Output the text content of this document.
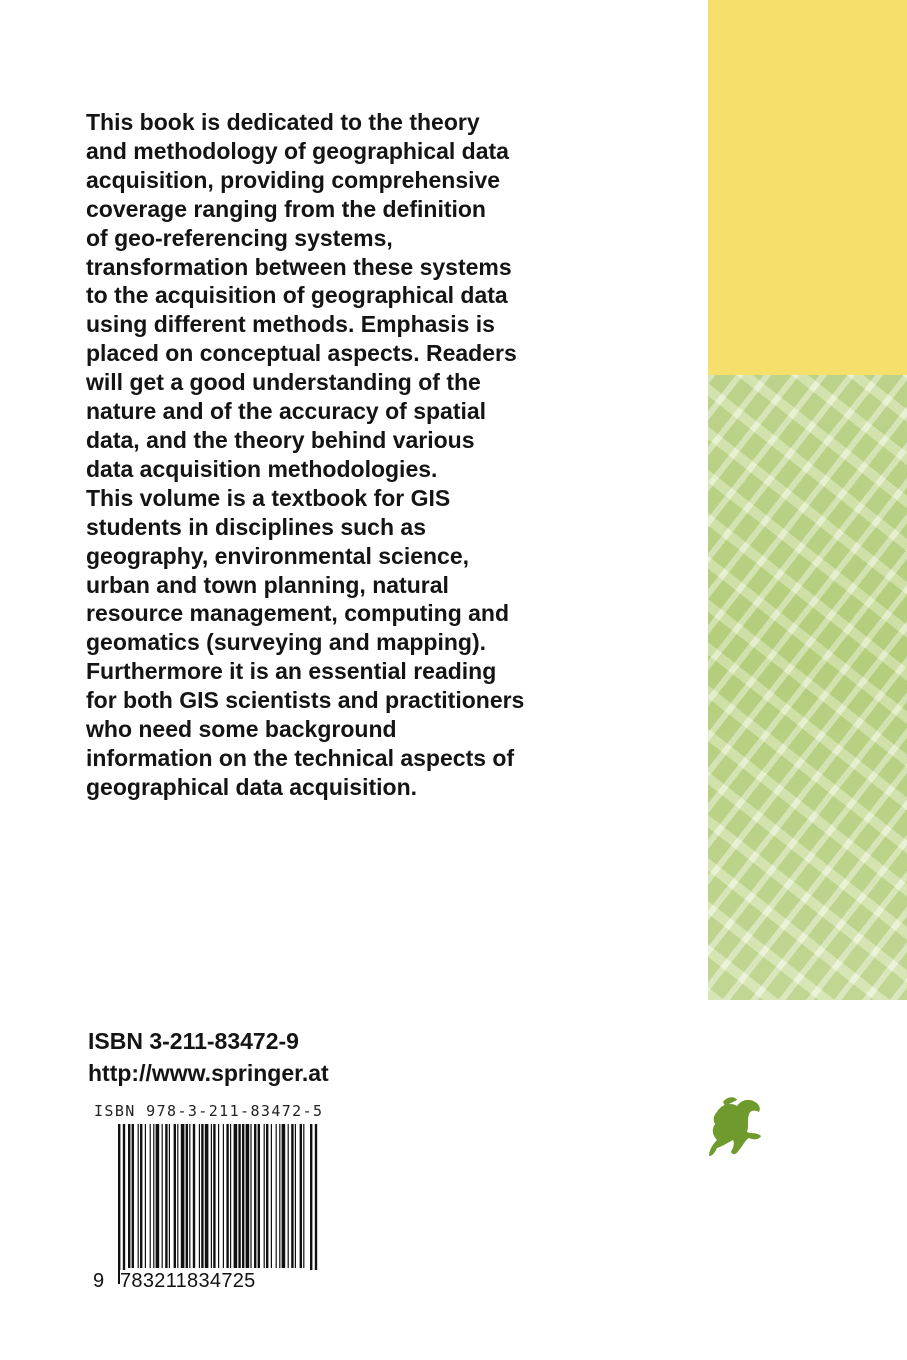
This book is dedicated to the theory
and methodology of geographical data
acquisition, providing comprehensive
coverage ranging from the definition
of geo-referencing systems,
transformation between these systems
to the acquisition of geographical data
using different methods. Emphasis is
placed on conceptual aspects. Readers
will get a good understanding of the
nature and of the accuracy of spatial
data, and the theory behind various
data acquisition methodologies.
This volume is a textbook for GIS
students in disciplines such as
geography, environmental science,
urban and town planning, natural
resource management, computing and
geomatics (surveying and mapping).
Furthermore it is an essential reading
for both GIS scientists and practitioners
who need some background
information on the technical aspects of
geographical data acquisition.

ISBN 3-211-83472-9
http://www.springer.at
ISBN 978-3-211-83472-5
9 783211834725
